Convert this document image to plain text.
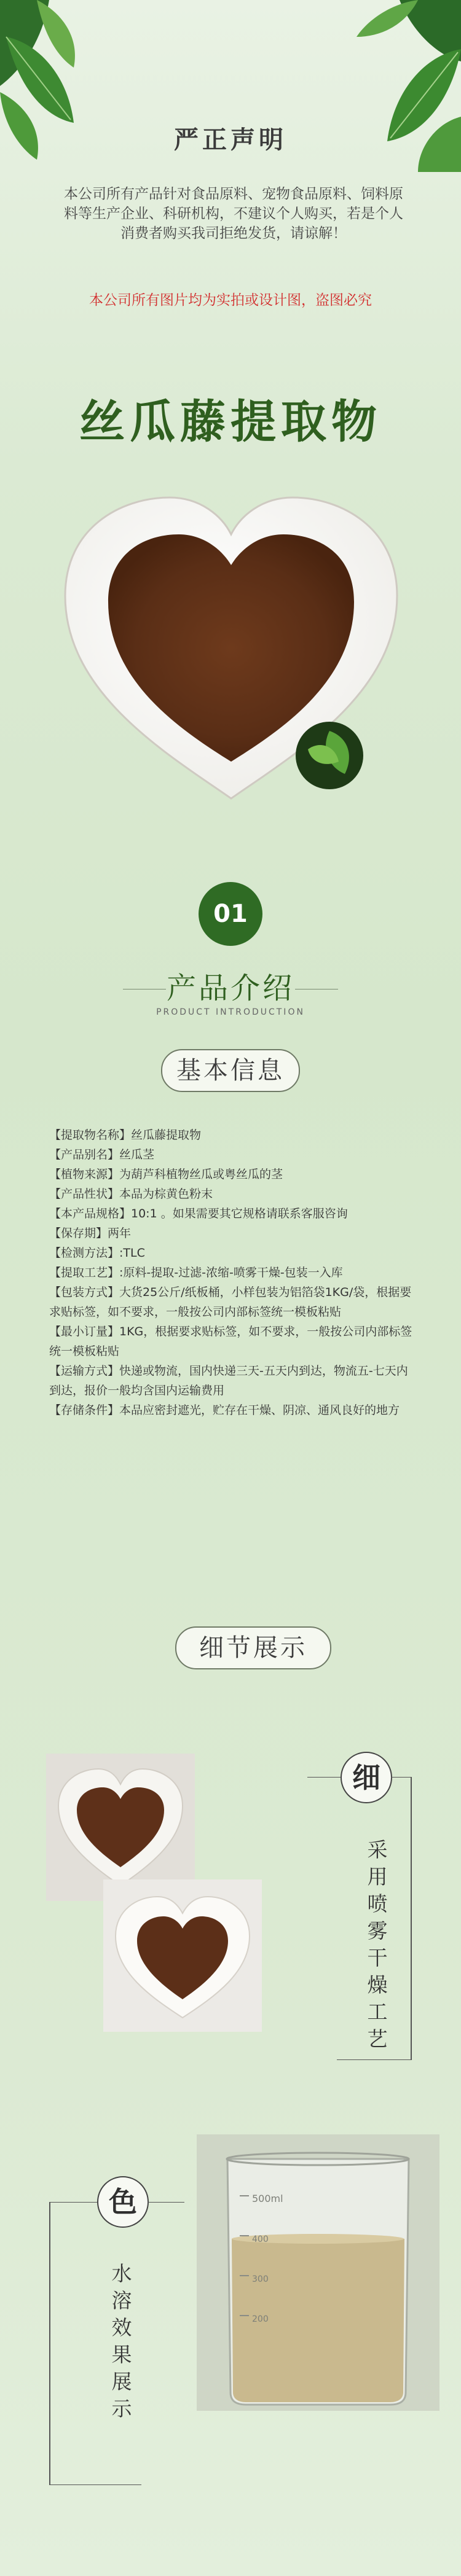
严正声明
本公司所有产品针对食品原料、宠物食品原料、饲料原料等生产企业、科研机构，不建议个人购买，若是个人消费者购买我司拒绝发货，请谅解！
本公司所有图片均为实拍或设计图，盗图必究
丝瓜藤提取物
01
产品介绍
PRODUCT INTRODUCTION
基本信息
【提取物名称】丝瓜藤提取物
【产品别名】丝瓜茎
【植物来源】为葫芦科植物丝瓜或粤丝瓜的茎
【产品性状】本品为棕黄色粉末
【本产品规格】10:1 。如果需要其它规格请联系客服咨询
【保存期】两年
【检测方法】:TLC
【提取工艺】:原料-提取-过滤-浓缩-喷雾干燥-包装一入库
【包装方式】大货25公斤/纸板桶，小样包装为铝箔袋1KG/袋，根据要求贴标签，如不要求，一般按公司内部标签统一模板粘贴
【最小订量】1KG，根据要求贴标签，如不要求，一般按公司内部标签统一模板粘贴
【运输方式】快递或物流，国内快递三天-五天内到达，物流五-七天内到达，报价一般均含国内运输费用
【存储条件】本品应密封遮光，贮存在干燥、阴凉、通风良好的地方
细节展示
细
采用喷雾干燥工艺
色
水溶效果展示
500ml
400
300
200
